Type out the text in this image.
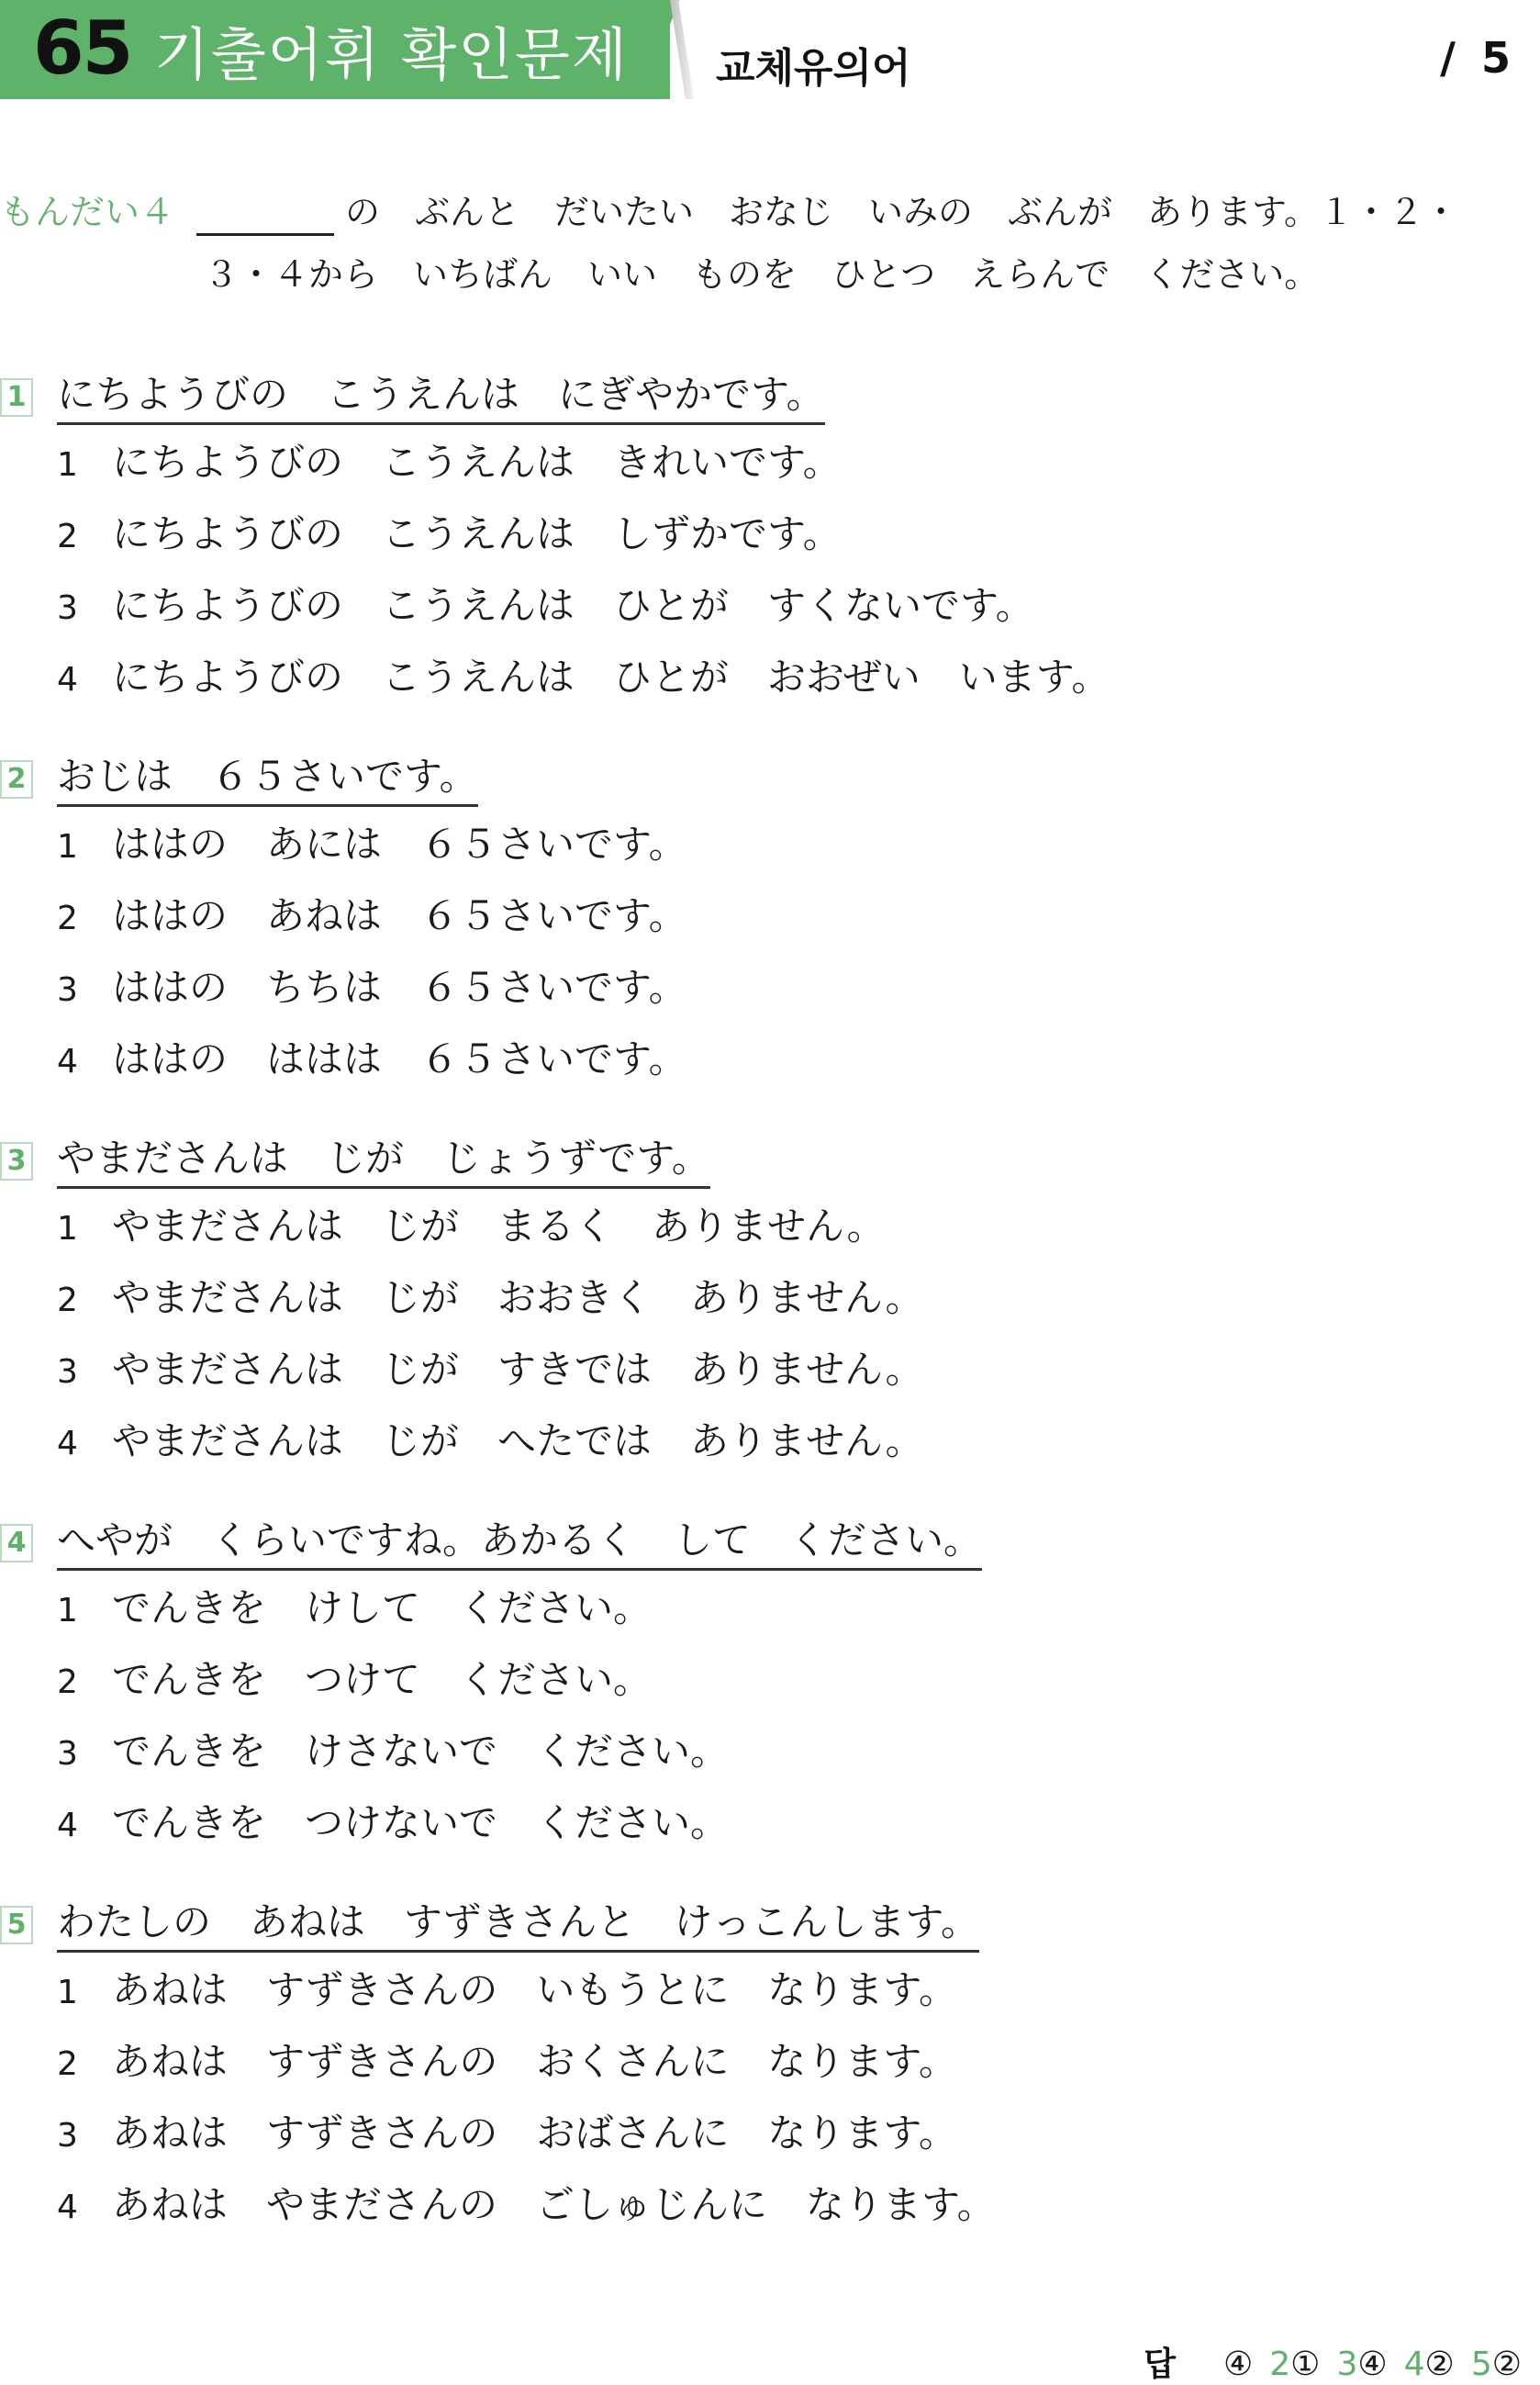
65 기출어휘 확인문제 교체유의어	/ 5
もんだい４	の　ぶんと　だいたい　おなじ　いみの　ぶんが　あります。１・２・
３・４から　いちばん　いい　ものを　ひとつ　えらんで　ください。
1 にちようびの　こうえんは　にぎやかです。
1 にちようびの　こうえんは　きれいです。
2 にちようびの　こうえんは　しずかです。
3 にちようびの　こうえんは　ひとが　すくないです。
4 にちようびの　こうえんは　ひとが　おおぜい　います。
2 おじは　６５さいです。
1 ははの　あには　６５さいです。
2 ははの　あねは　６５さいです。
3 ははの　ちちは　６５さいです。
4 ははの　ははは　６５さいです。
3 やまださんは　じが　じょうずです。
1 やまださんは　じが　まるく　ありません。
2 やまださんは　じが　おおきく　ありません。
3 やまださんは　じが　すきでは　ありません。
4 やまださんは　じが　へたでは　ありません。
4 へやが　くらいですね。あかるく　して　ください。
1 でんきを　けして　ください。
2 でんきを　つけて　ください。
3 でんきを　けさないで　ください。
4 でんきを　つけないで　ください。
5 わたしの　あねは　すずきさんと　けっこんします。
1 あねは　すずきさんの　いもうとに　なります。
2 あねは　すずきさんの　おくさんに　なります。
3 あねは　すずきさんの　おばさんに　なります。
4 あねは　やまださんの　ごしゅじんに　なります。

답 ④ 2① 3④ 4② 5②
